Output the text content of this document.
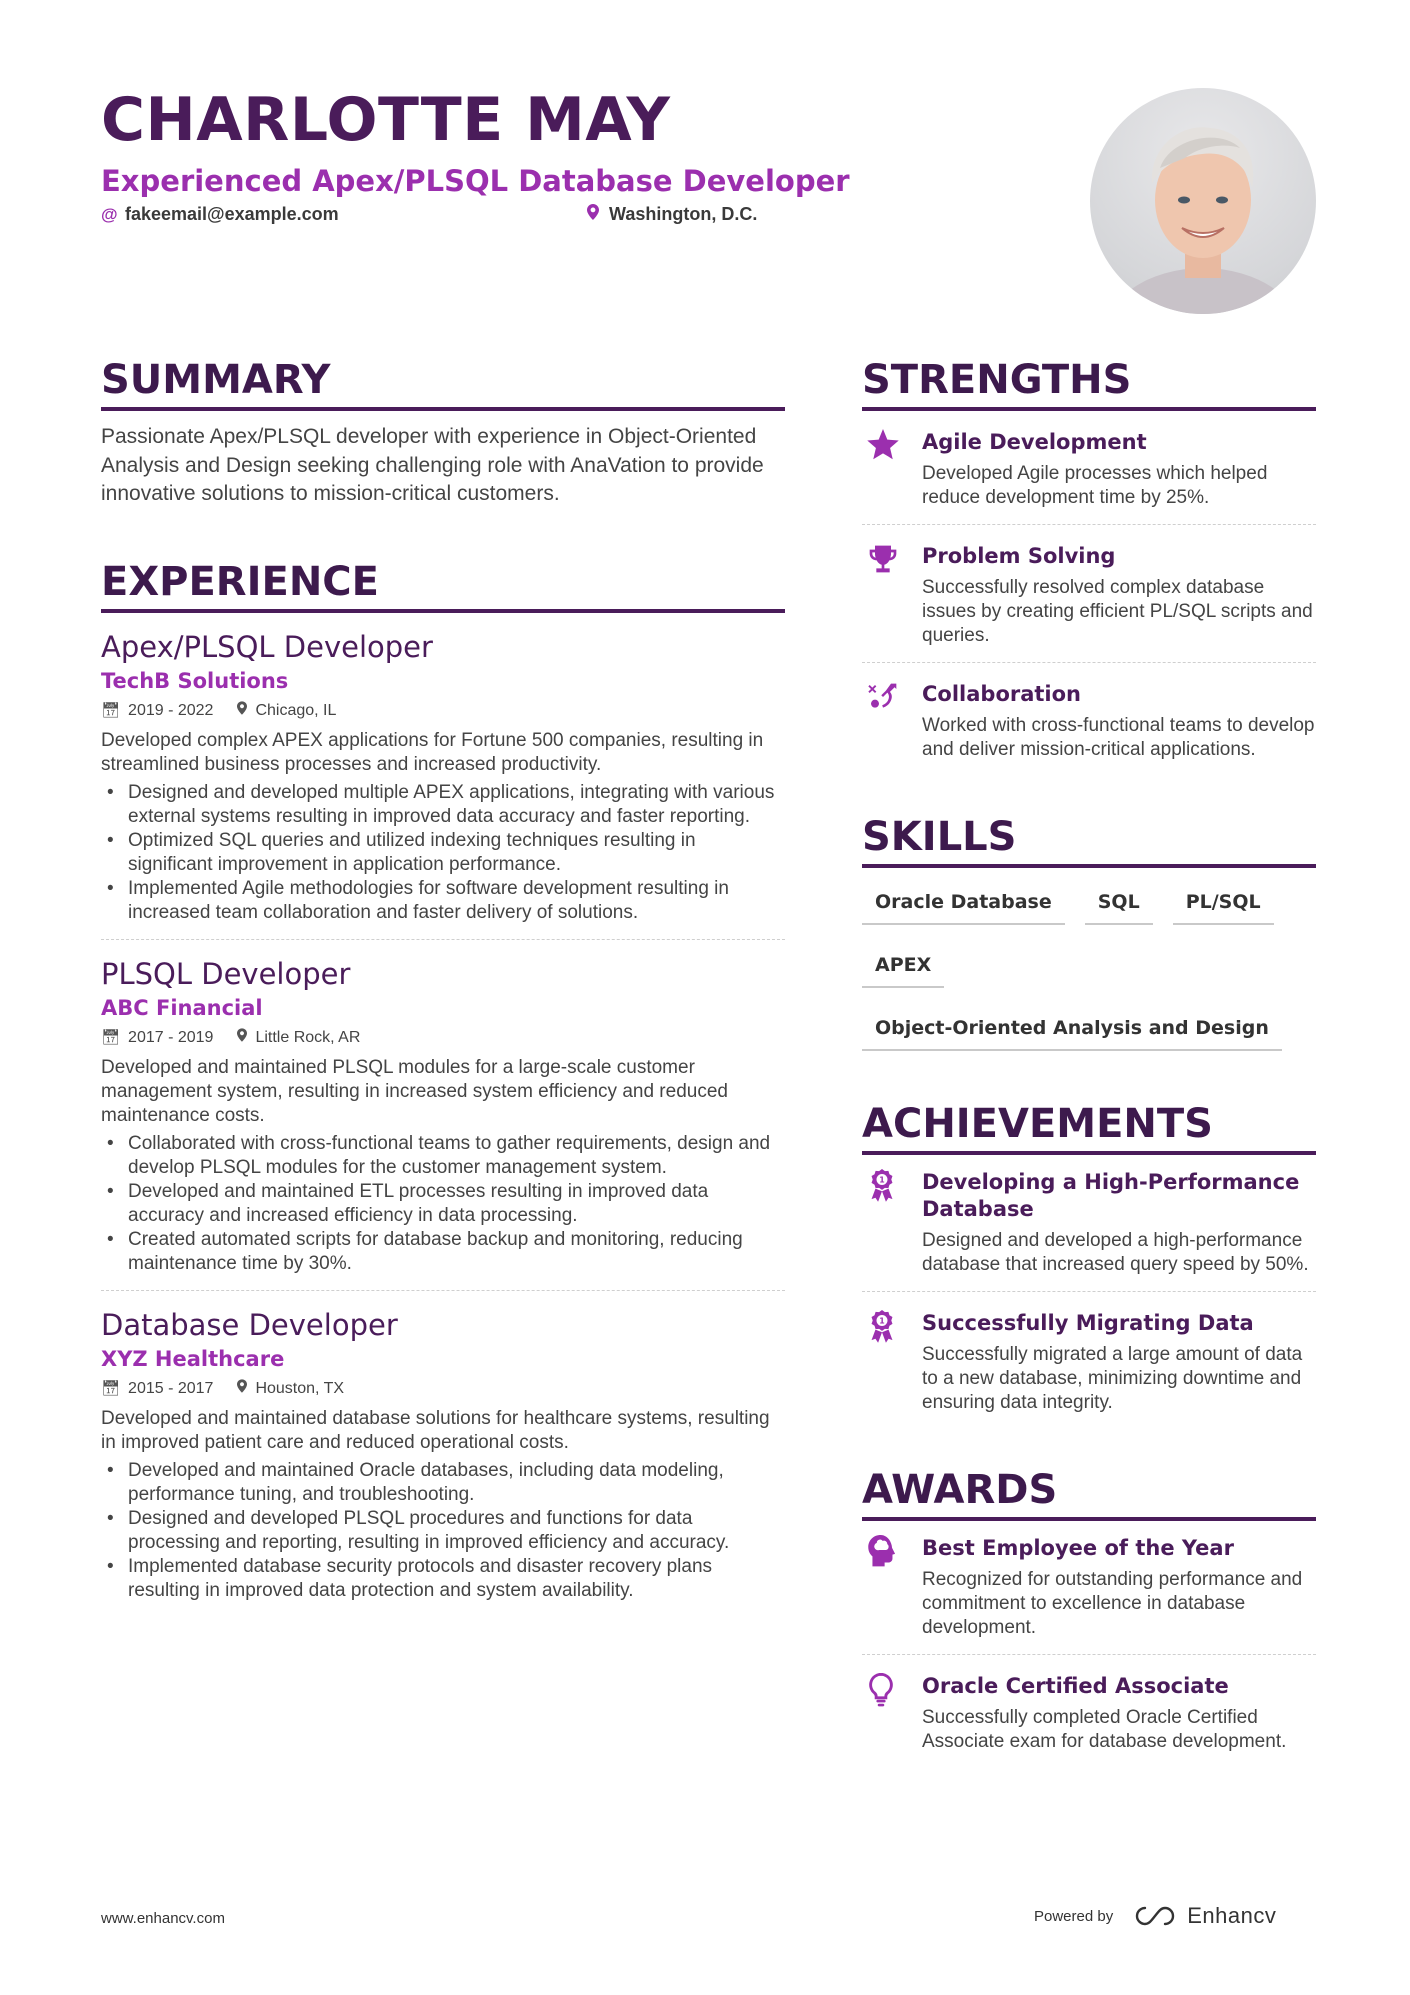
CHARLOTTE MAY
Experienced Apex/PLSQL Database Developer
@ fakeemail@example.com	Washington, D.C.
SUMMARY
Passionate Apex/PLSQL developer with experience in Object-Oriented Analysis and Design seeking challenging role with AnaVation to provide innovative solutions to mission-critical customers.
EXPERIENCE
Apex/PLSQL Developer
TechB Solutions
📅︎ 2019 - 2022	Chicago, IL
Developed complex APEX applications for Fortune 500 companies, resulting in streamlined business processes and increased productivity.
• Designed and developed multiple APEX applications, integrating with various external systems resulting in improved data accuracy and faster reporting.
• Optimized SQL queries and utilized indexing techniques resulting in significant improvement in application performance.
• Implemented Agile methodologies for software development resulting in increased team collaboration and faster delivery of solutions.
PLSQL Developer
ABC Financial
📅︎ 2017 - 2019	Little Rock, AR
Developed and maintained PLSQL modules for a large-scale customer management system, resulting in increased system efficiency and reduced maintenance costs.
• Collaborated with cross-functional teams to gather requirements, design and develop PLSQL modules for the customer management system.
• Developed and maintained ETL processes resulting in improved data accuracy and increased efficiency in data processing.
• Created automated scripts for database backup and monitoring, reducing maintenance time by 30%.
Database Developer
XYZ Healthcare
📅︎ 2015 - 2017	Houston, TX
Developed and maintained database solutions for healthcare systems, resulting in improved patient care and reduced operational costs.
• Developed and maintained Oracle databases, including data modeling, performance tuning, and troubleshooting.
• Designed and developed PLSQL procedures and functions for data processing and reporting, resulting in improved efficiency and accuracy.
• Implemented database security protocols and disaster recovery plans resulting in improved data protection and system availability.
STRENGTHS
Agile Development
Developed Agile processes which helped reduce development time by 25%.
Problem Solving
Successfully resolved complex database issues by creating efficient PL/SQL scripts and queries.
Collaboration
Worked with cross-functional teams to develop and deliver mission-critical applications.
SKILLS
Oracle Database	SQL	PL/SQL
APEX
Object-Oriented Analysis and Design
ACHIEVEMENTS
1 Developing a High-Performance Database
Designed and developed a high-performance database that increased query speed by 50%.
1 Successfully Migrating Data
Successfully migrated a large amount of data to a new database, minimizing downtime and ensuring data integrity.
AWARDS
Best Employee of the Year
Recognized for outstanding performance and commitment to excellence in database development.
Oracle Certified Associate
Successfully completed Oracle Certified Associate exam for database development.
www.enhancv.com	Powered by	Enhancv
